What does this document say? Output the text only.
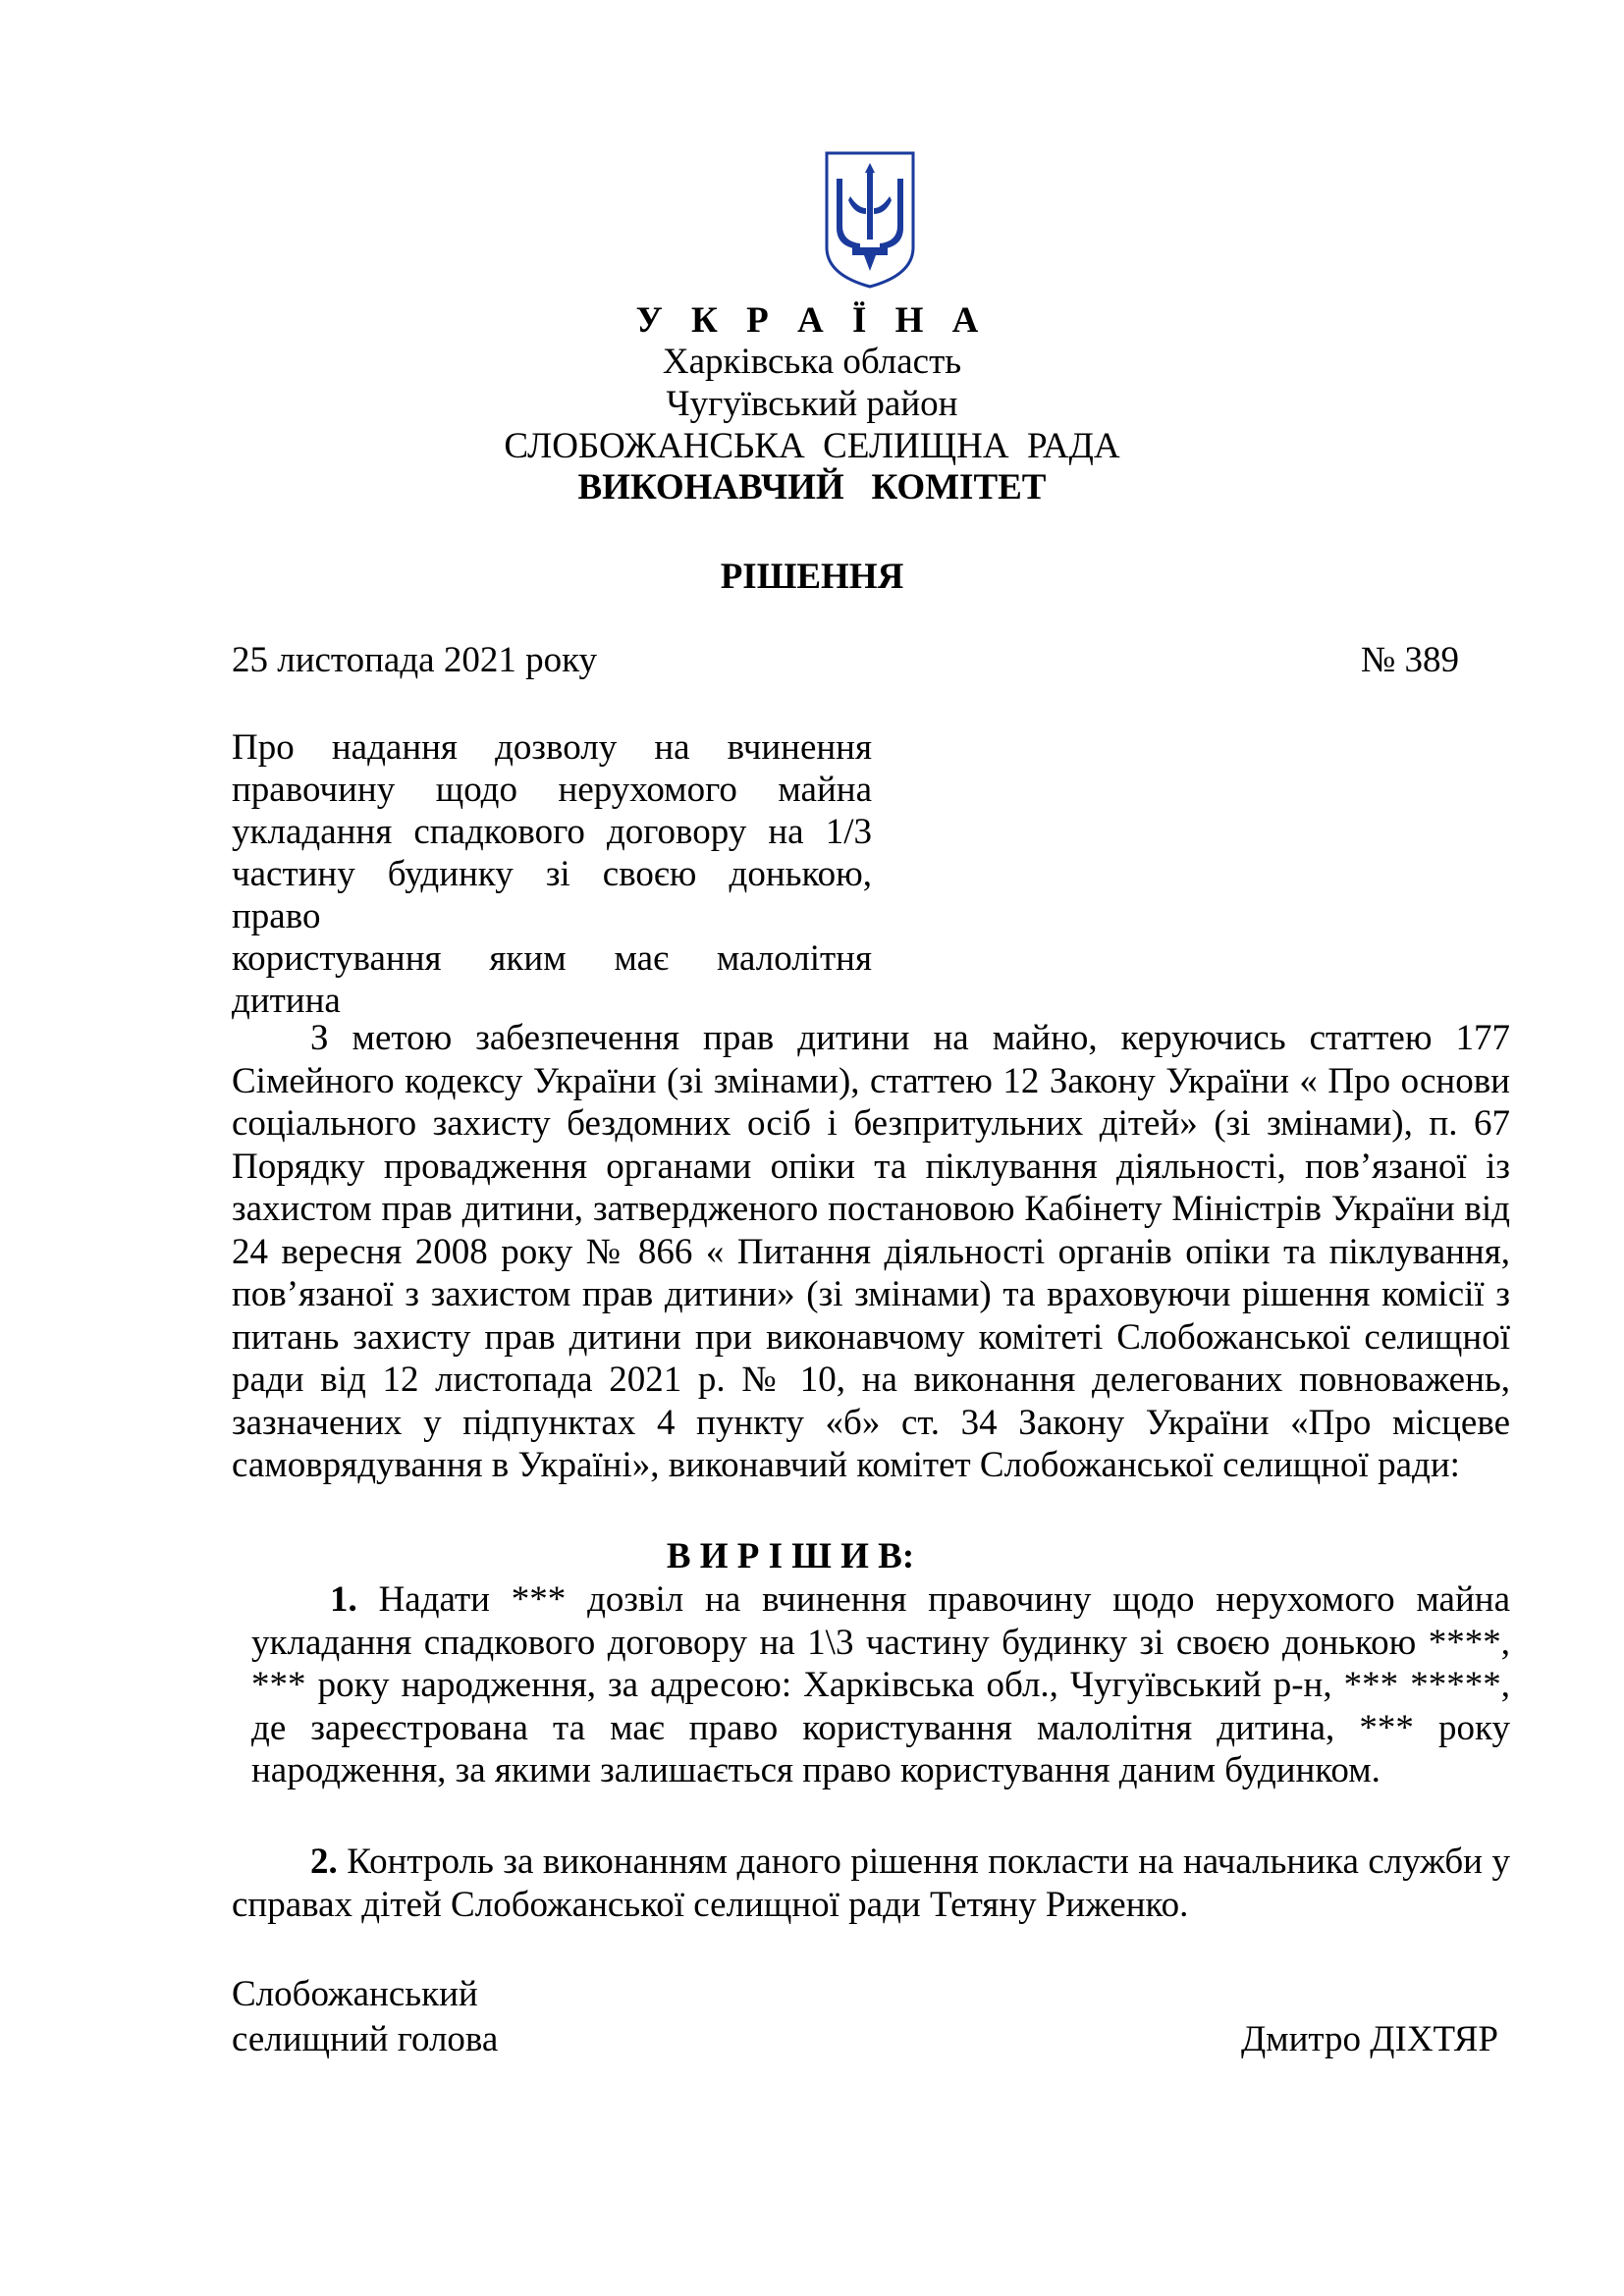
У К Р А Ї Н А
Харківська область
Чугуївський район
СЛОБОЖАНСЬКА  СЕЛИЩНА  РАДА
ВИКОНАВЧИЙ   КОМІТЕТ
РІШЕННЯ
25 листопада 2021 року	№ 389

Про надання дозволу на вчинення

правочину щодо нерухомого майна

укладання спадкового договору на 1/3

частину будинку зі своєю донькою, право

користування яким має малолітня дитина

З метою забезпечення прав дитини на майно, керуючись статтею 177 Сімейного кодексу України (зі змінами), статтею 12 Закону України « Про основи соціального захисту бездомних осіб і безпритульних дітей» (зі змінами), п. 67 Порядку провадження органами опіки та піклування діяльності, пов’язаної із захистом прав дитини, затвердженого постановою Кабінету Міністрів України від 24 вересня 2008 року № 866 « Питання діяльності органів опіки та піклування, пов’язаної з захистом прав дитини» (зі змінами) та враховуючи рішення комісії з питань захисту прав дитини при виконавчому комітеті Слобожанської селищної ради від 12 листопада 2021 р. № 10, на виконання делегованих повноважень, зазначених у підпунктах 4 пункту «б» ст. 34 Закону України «Про місцеве самоврядування в Україні», виконавчий комітет Слобожанської селищної ради:

В И Р І Ш И В:

1. Надати *** дозвіл на вчинення правочину щодо нерухомого майна укладання спадкового договору на 1\3 частину будинку зі своєю донькою ****, *** року народження, за адресою: Харківська обл., Чугуївський р-н, *** *****, де зареєстрована та має право користування малолітня дитина, *** року народження, за якими залишається право користування даним будинком.

2. Контроль за виконанням даного рішення покласти на начальника служби у справах дітей Слобожанської селищної ради Тетяну Риженко.

Слобожанський
селищний голова	Дмитро ДІХТЯР
